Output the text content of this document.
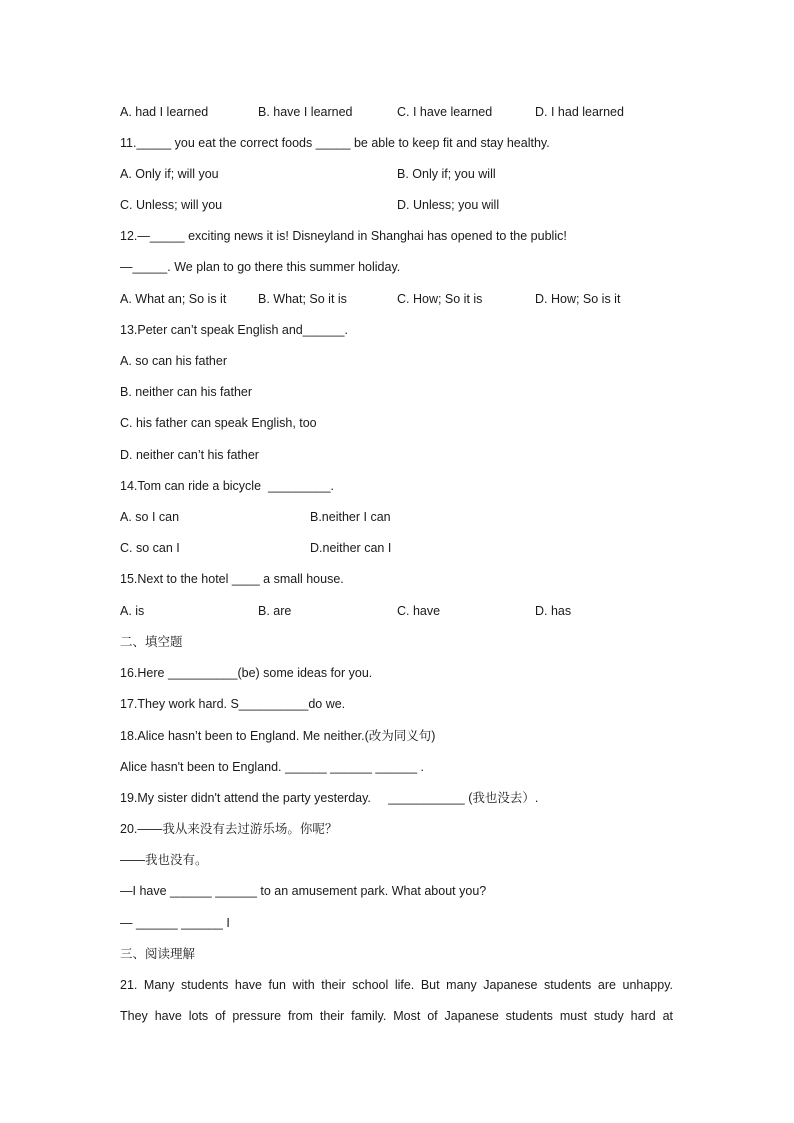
A. had I learned	B. have I learned	C. I have learned	D. I had learned
11._____ you eat the correct foods _____ be able to keep fit and stay healthy.
A. Only if; will you	B. Only if; you will
C. Unless; will you	D. Unless; you will
12.—_____ exciting news it is! Disneyland in Shanghai has opened to the public!
—_____. We plan to go there this summer holiday.
A. What an; So is it	B. What; So it is	C. How; So it is	D. How; So is it
13.Peter can’t speak English and______.
A. so can his father
B. neither can his father
C. his father can speak English, too
D. neither can’t his father
14.Tom can ride a bicycle  _________.
A. so I can	B.neither I can
C. so can I	D.neither can I
15.Next to the hotel ____ a small house.
A. is	B. are	C. have	D. has
二、填空题
16.Here __________(be) some ideas for you.
17.They work hard. S__________do we.
18.Alice hasn’t been to England. Me neither.(改为同义句)
Alice hasn't been to England. ______ ______ ______ .
19.My sister didn't attend the party yesterday.     ___________ (我也没去）.
20.——我从来没有去过游乐场。你呢？
——我也没有。
—I have ______ ______ to an amusement park. What about you?
— ______ ______ I
三、阅读理解
21. Many students have fun with their school life. But many Japanese students are unhappy.
They have lots of pressure from their family. Most of Japanese students must study hard at
